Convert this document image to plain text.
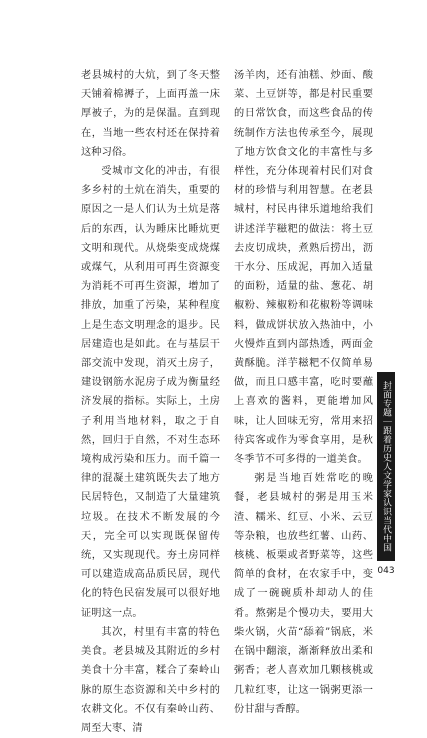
老县城村的大炕，到了冬天整天铺着棉褥子，上面再盖一床厚被子，为的是保温。直到现在，当地一些农村还在保持着这种习俗。

受城市文化的冲击，有很多乡村的土炕在消失，重要的原因之一是人们认为土炕是落后的东西，认为睡床比睡炕更文明和现代。从烧柴变成烧煤或煤气，从利用可再生资源变为消耗不可再生资源，增加了排放，加重了污染，某种程度上是生态文明理念的退步。民居建造也是如此。在与基层干部交流中发现，消灭土房子，建设钢筋水泥房子成为衡量经济发展的指标。实际上，土房子利用当地材料，取之于自然，回归于自然，不对生态环境构成污染和压力。而千篇一律的混凝土建筑既失去了地方民居特色，又制造了大量建筑垃圾。在技术不断发展的今天，完全可以实现既保留传统，又实现现代。夯土房同样可以建造成高品质民居，现代化的特色民宿发展可以很好地证明这一点。

其次，村里有丰富的特色美食。老县城及其附近的乡村美食十分丰富，糅合了秦岭山脉的原生态资源和关中乡村的农耕文化。不仅有秦岭山药、周至大枣、清

汤羊肉，还有油糕、炒面、酸菜、土豆饼等，都是村民重要的日常饮食，而这些食品的传统制作方法也传承至今，展现了地方饮食文化的丰富性与多样性，充分体现着村民们对食材的珍惜与利用智慧。在老县城村，村民冉律乐道地给我们讲述洋芋糍粑的做法：将土豆去皮切成块，煮熟后捞出，沥干水分、压成泥，再加入适量的面粉，适量的盐、葱花、胡椒粉、辣椒粉和花椒粉等调味料，做成饼状放入热油中，小火慢炸直到内部热透，两面金黄酥脆。洋芋糍粑不仅简单易做，而且口感丰富，吃时要蘸上喜欢的酱料，更能增加风味，让人回味无穷，常用来招待宾客或作为零食享用，是秋冬季节不可多得的一道美食。

粥是当地百姓常吃的晚餐，老县城村的粥是用玉米渣、糯米、红豆、小米、云豆等杂粮，也放些红薯、山药、核桃、板栗或者野菜等，这些简单的食材，在农家手中，变成了一碗碗质朴却动人的佳肴。熬粥是个慢功夫，要用大柴火锅，火苗“舔着”锅底，米在锅中翻滚，渐渐释放出柔和粥香；老人喜欢加几颗核桃或几粒红枣，让这一锅粥更添一份甘甜与香醇。

封面专题｜跟着历史人文学家认识当代中国
043
